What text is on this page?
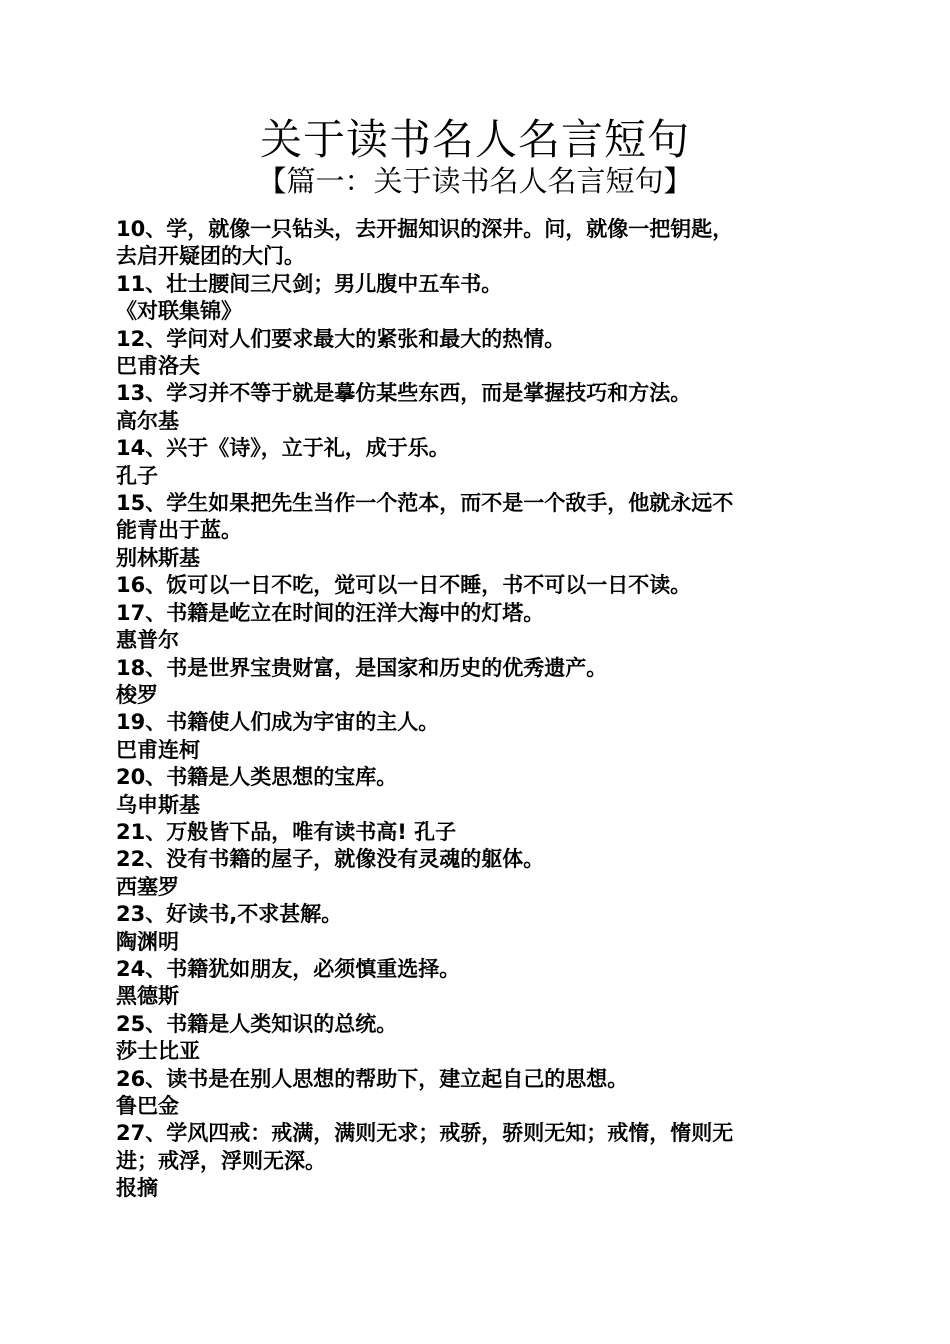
关于读书名人名言短句
【篇一：关于读书名人名言短句】
10、学，就像一只钻头，去开掘知识的深井。问，就像一把钥匙，
去启开疑团的大门。
11、壮士腰间三尺剑；男儿腹中五车书。
《对联集锦》
12、学问对人们要求最大的紧张和最大的热情。
巴甫洛夫
13、学习并不等于就是摹仿某些东西，而是掌握技巧和方法。
高尔基
14、兴于《诗》，立于礼，成于乐。
孔子
15、学生如果把先生当作一个范本，而不是一个敌手，他就永远不
能青出于蓝。
别林斯基
16、饭可以一日不吃，觉可以一日不睡，书不可以一日不读。
17、书籍是屹立在时间的汪洋大海中的灯塔。
惠普尔
18、书是世界宝贵财富，是国家和历史的优秀遗产。
梭罗
19、书籍使人们成为宇宙的主人。
巴甫连柯
20、书籍是人类思想的宝库。
乌申斯基
21、万般皆下品，唯有读书高! 孔子
22、没有书籍的屋子，就像没有灵魂的躯体。
西塞罗
23、好读书,不求甚解。
陶渊明
24、书籍犹如朋友，必须慎重选择。
黑德斯
25、书籍是人类知识的总统。
莎士比亚
26、读书是在别人思想的帮助下，建立起自己的思想。
鲁巴金
27、学风四戒：戒满，满则无求；戒骄，骄则无知；戒惰，惰则无
进；戒浮，浮则无深。
报摘
